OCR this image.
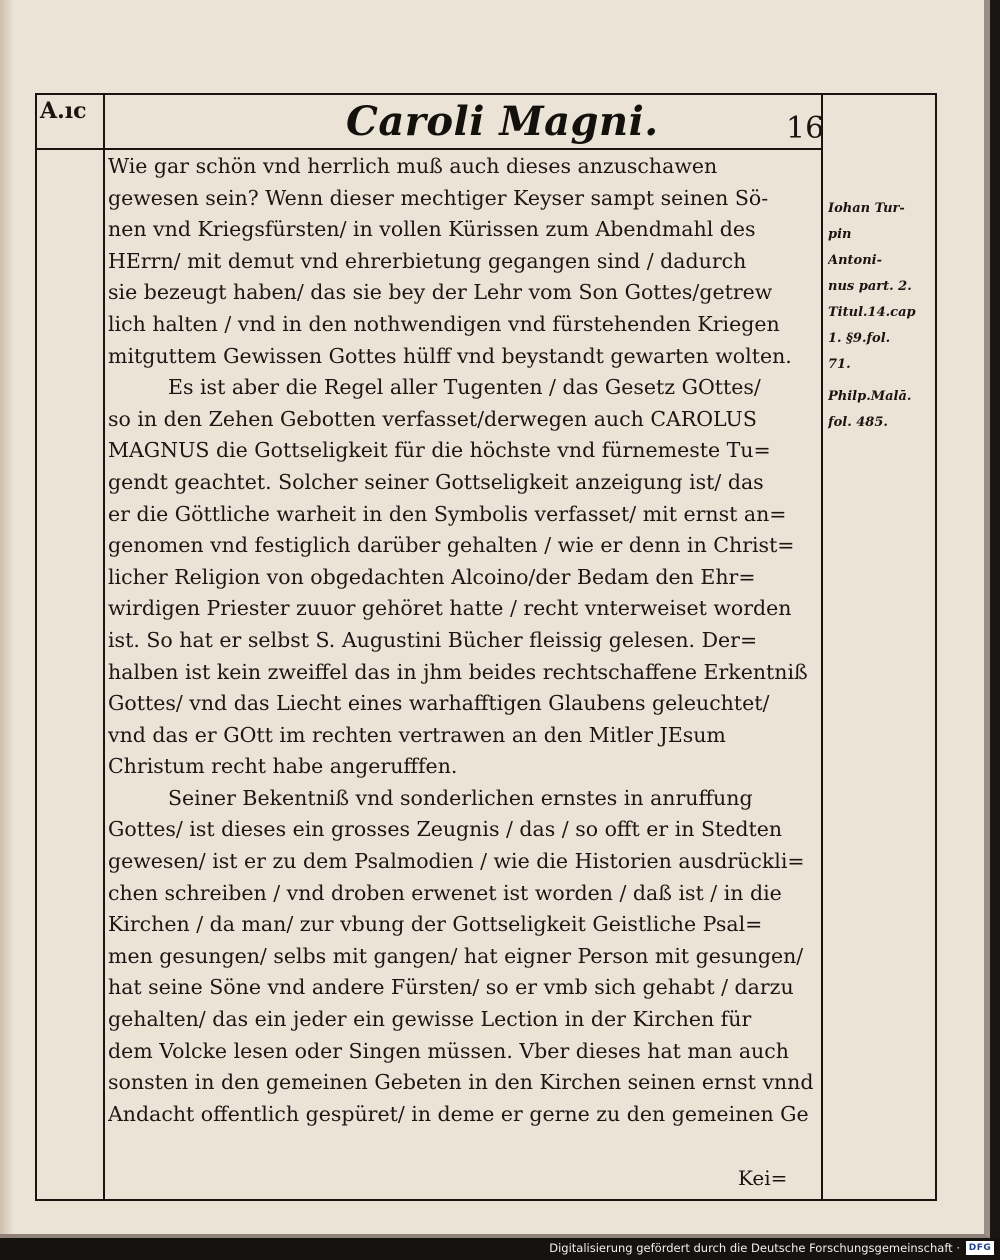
A.ıc	Caroli Magni.	16

Wie gar schön vnd herrlich muß auch dieses anzuschawen
gewesen sein? Wenn dieser mechtiger Keyser sampt seinen Sö-
nen vnd Kriegsfürsten/ in vollen Kürissen zum Abendmahl des
HErrn/ mit demut vnd ehrerbietung gegangen sind / dadurch
sie bezeugt haben/ das sie bey der Lehr vom Son Gottes/getrew
lich halten / vnd in den nothwendigen vnd fürstehenden Kriegen
mitguttem Gewissen Gottes hülff vnd beystandt gewarten wolten.
Es ist aber die Regel aller Tugenten / das Gesetz GOttes/
so in den Zehen Gebotten verfasset/derwegen auch CAROLUS
MAGNUS die Gottseligkeit für die höchste vnd fürnemeste Tu=
gendt geachtet. Solcher seiner Gottseligkeit anzeigung ist/ das
er die Göttliche warheit in den Symbolis verfasset/ mit ernst an=
genomen vnd festiglich darüber gehalten / wie er denn in Christ=
licher Religion von obgedachten Alcoino/der Bedam den Ehr=
wirdigen Priester zuuor gehöret hatte / recht vnterweiset worden
ist. So hat er selbst S. Augustini Bücher fleissig gelesen. Der=
halben ist kein zweiffel das in jhm beides rechtschaffene Erkentniß
Gottes/ vnd das Liecht eines warhafftigen Glaubens geleuchtet/
vnd das er GOtt im rechten vertrawen an den Mitler JEsum
Christum recht habe angerufffen.
Seiner Bekentniß vnd sonderlichen ernstes in anruffung
Gottes/ ist dieses ein grosses Zeugnis / das / so offt er in Stedten
gewesen/ ist er zu dem Psalmodien / wie die Historien ausdrückli=
chen schreiben / vnd droben erwenet ist worden / daß ist / in die
Kirchen / da man/ zur vbung der Gottseligkeit Geistliche Psal=
men gesungen/ selbs mit gangen/ hat eigner Person mit gesungen/
hat seine Söne vnd andere Fürsten/ so er vmb sich gehabt / darzu
gehalten/ das ein jeder ein gewisse Lection in der Kirchen für
dem Volcke lesen oder Singen müssen. Vber dieses hat man auch
sonsten in den gemeinen Gebeten in den Kirchen seinen ernst vnnd
Andacht offentlich gespüret/ in deme er gerne zu den gemeinen Ge
Iohan Tur-
pin
Antoni-
nus part. 2.
Titul.14.cap
1. §9.fol.
71.
Philp.Malā.
fol. 485.

Kei=

Digitalisierung gefördert durch die Deutsche Forschungsgemeinschaft · DFG
